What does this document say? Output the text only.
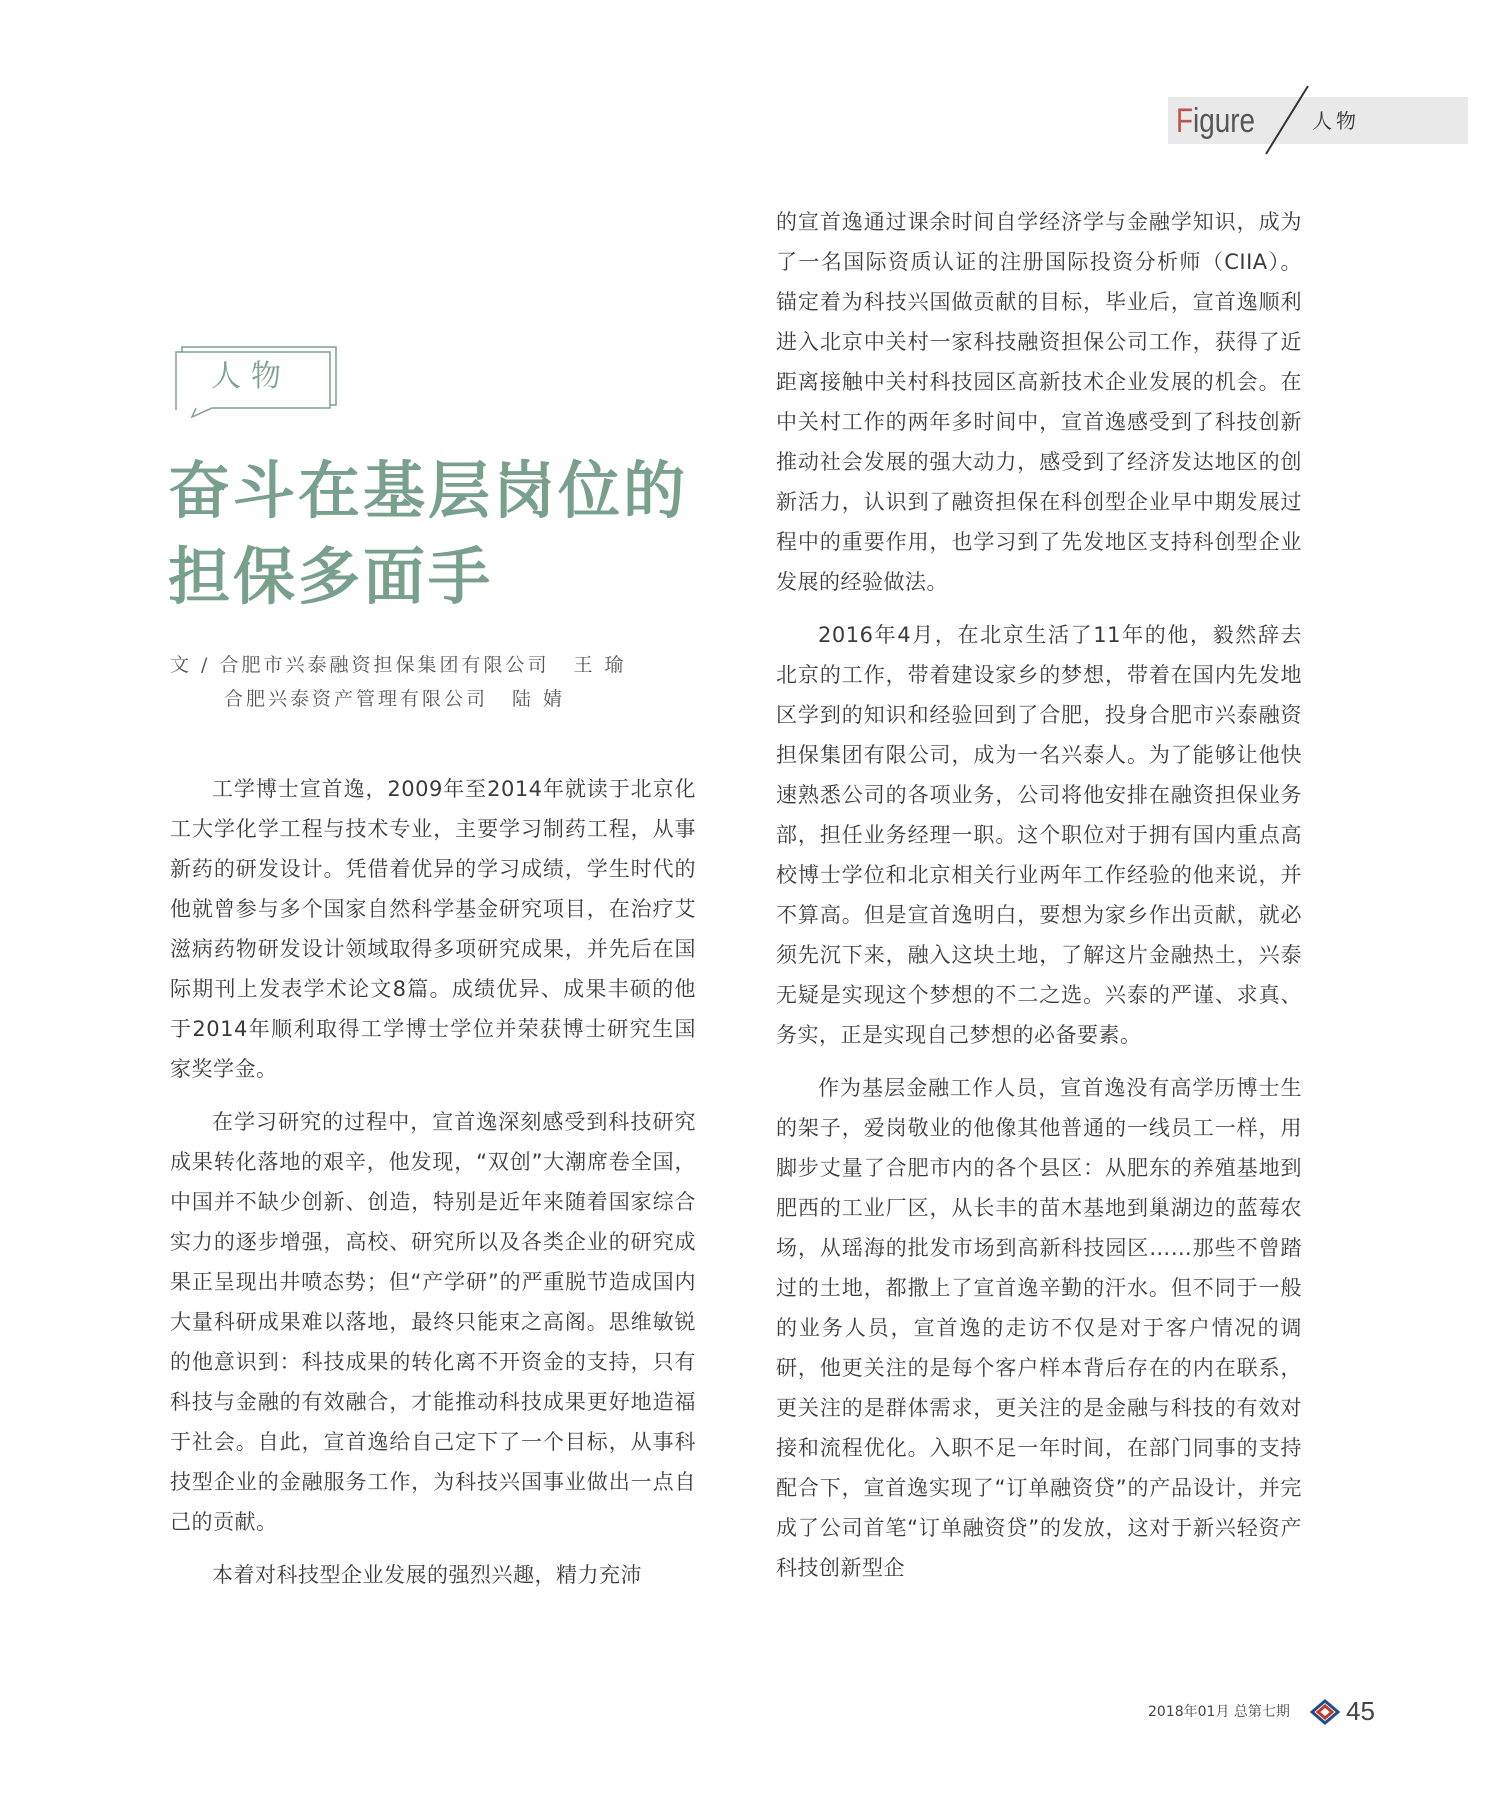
Figure	人物
人物
奋斗在基层岗位的
担保多面手
文 / 合肥市兴泰融资担保集团有限公司 王 瑜
合肥兴泰资产管理有限公司 陆 婧

工学博士宣首逸，2009年至2014年就读于北京化工大学化学工程与技术专业，主要学习制药工程，从事新药的研发设计。凭借着优异的学习成绩，学生时代的他就曾参与多个国家自然科学基金研究项目，在治疗艾滋病药物研发设计领域取得多项研究成果，并先后在国际期刊上发表学术论文8篇。成绩优异、成果丰硕的他于2014年顺利取得工学博士学位并荣获博士研究生国家奖学金。

在学习研究的过程中，宣首逸深刻感受到科技研究成果转化落地的艰辛，他发现，“双创”大潮席卷全国，中国并不缺少创新、创造，特别是近年来随着国家综合实力的逐步增强，高校、研究所以及各类企业的研究成果正呈现出井喷态势；但“产学研”的严重脱节造成国内大量科研成果难以落地，最终只能束之高阁。思维敏锐的他意识到：科技成果的转化离不开资金的支持，只有科技与金融的有效融合，才能推动科技成果更好地造福于社会。自此，宣首逸给自己定下了一个目标，从事科技型企业的金融服务工作，为科技兴国事业做出一点自己的贡献。

本着对科技型企业发展的强烈兴趣，精力充沛

的宣首逸通过课余时间自学经济学与金融学知识，成为了一名国际资质认证的注册国际投资分析师（CIIA）。锚定着为科技兴国做贡献的目标，毕业后，宣首逸顺利进入北京中关村一家科技融资担保公司工作，获得了近距离接触中关村科技园区高新技术企业发展的机会。在中关村工作的两年多时间中，宣首逸感受到了科技创新推动社会发展的强大动力，感受到了经济发达地区的创新活力，认识到了融资担保在科创型企业早中期发展过程中的重要作用，也学习到了先发地区支持科创型企业发展的经验做法。

2016年4月，在北京生活了11年的他，毅然辞去北京的工作，带着建设家乡的梦想，带着在国内先发地区学到的知识和经验回到了合肥，投身合肥市兴泰融资担保集团有限公司，成为一名兴泰人。为了能够让他快速熟悉公司的各项业务，公司将他安排在融资担保业务部，担任业务经理一职。这个职位对于拥有国内重点高校博士学位和北京相关行业两年工作经验的他来说，并不算高。但是宣首逸明白，要想为家乡作出贡献，就必须先沉下来，融入这块土地，了解这片金融热土，兴泰无疑是实现这个梦想的不二之选。兴泰的严谨、求真、务实，正是实现自己梦想的必备要素。

作为基层金融工作人员，宣首逸没有高学历博士生的架子，爱岗敬业的他像其他普通的一线员工一样，用脚步丈量了合肥市内的各个县区：从肥东的养殖基地到肥西的工业厂区，从长丰的苗木基地到巢湖边的蓝莓农场，从瑶海的批发市场到高新科技园区……那些不曾踏过的土地，都撒上了宣首逸辛勤的汗水。但不同于一般的业务人员，宣首逸的走访不仅是对于客户情况的调研，他更关注的是每个客户样本背后存在的内在联系，更关注的是群体需求，更关注的是金融与科技的有效对接和流程优化。入职不足一年时间，在部门同事的支持配合下，宣首逸实现了“订单融资贷”的产品设计，并完成了公司首笔“订单融资贷”的发放，这对于新兴轻资产科技创新型企

2018年01月 总第七期 45
